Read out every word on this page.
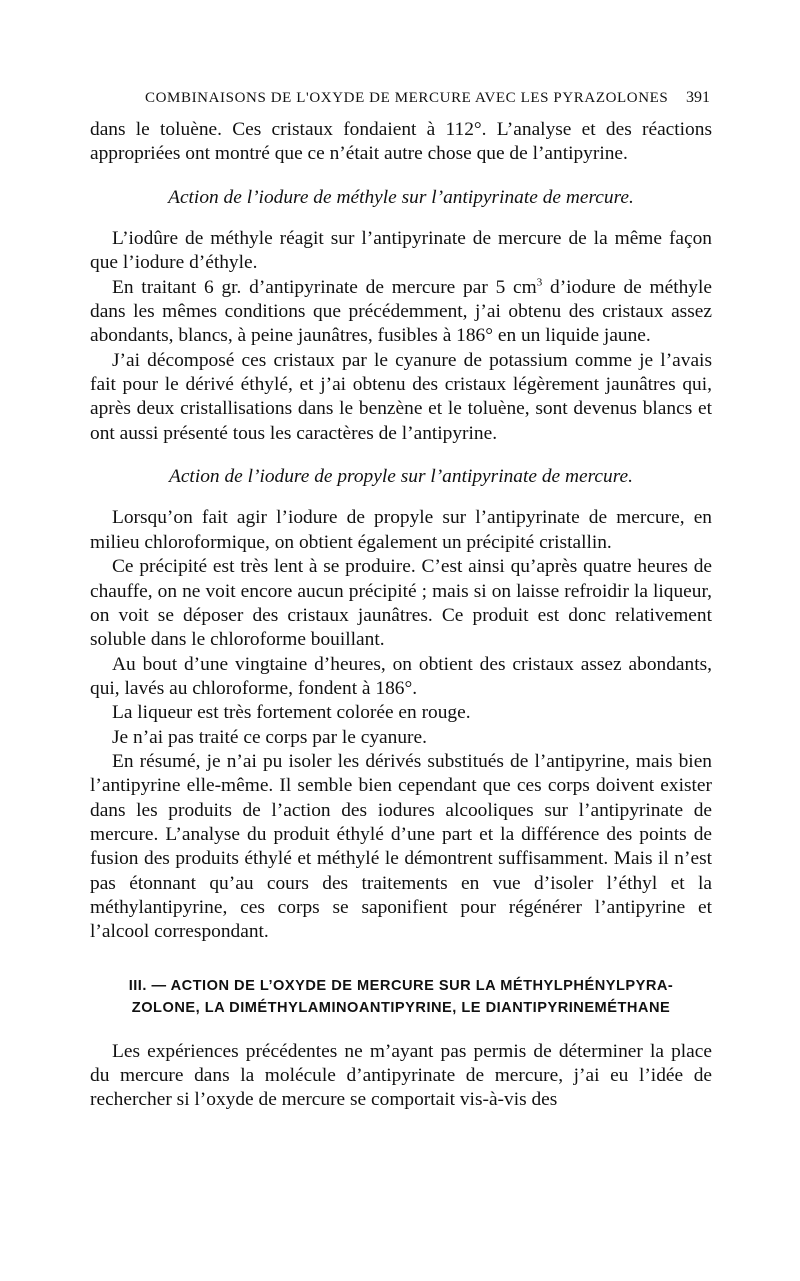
COMBINAISONS DE L'OXYDE DE MERCURE AVEC LES PYRAZOLONES 391

dans le toluène. Ces cristaux fondaient à 112°. L’analyse et des réactions appropriées ont montré que ce n’était autre chose que de l’antipyrine.

Action de l’iodure de méthyle sur l’antipyrinate de mercure.

L’iodûre de méthyle réagit sur l’antipyrinate de mercure de la même façon que l’iodure d’éthyle.

En traitant 6 gr. d’antipyrinate de mercure par 5 $cm^3$ d’iodure de méthyle dans les mêmes conditions que précédemment, j’ai obtenu des cristaux assez abondants, blancs, à peine jaunâtres, fusibles à 186° en un liquide jaune.

J’ai décomposé ces cristaux par le cyanure de potassium comme je l’avais fait pour le dérivé éthylé, et j’ai obtenu des cristaux légèrement jaunâtres qui, après deux cristallisations dans le benzène et le toluène, sont devenus blancs et ont aussi présenté tous les caractères de l’antipyrine.

Action de l’iodure de propyle sur l’antipyrinate de mercure.

Lorsqu’on fait agir l’iodure de propyle sur l’antipyrinate de mercure, en milieu chloroformique, on obtient également un précipité cristallin.

Ce précipité est très lent à se produire. C’est ainsi qu’après quatre heures de chauffe, on ne voit encore aucun précipité ; mais si on laisse refroidir la liqueur, on voit se déposer des cristaux jaunâtres. Ce produit est donc relativement soluble dans le chloroforme bouillant.

Au bout d’une vingtaine d’heures, on obtient des cristaux assez abondants, qui, lavés au chloroforme, fondent à 186°.

La liqueur est très fortement colorée en rouge.

Je n’ai pas traité ce corps par le cyanure.

En résumé, je n’ai pu isoler les dérivés substitués de l’antipyrine, mais bien l’antipyrine elle-même. Il semble bien cependant que ces corps doivent exister dans les produits de l’action des iodures alcooliques sur l’antipyrinate de mercure. L’analyse du produit éthylé d’une part et la différence des points de fusion des produits éthylé et méthylé le démontrent suffisamment. Mais il n’est pas étonnant qu’au cours des traitements en vue d’isoler l’éthyl et la méthylantipyrine, ces corps se saponifient pour régénérer l’antipyrine et l’alcool correspondant.

III. — ACTION DE L’OXYDE DE MERCURE SUR LA MÉTHYLPHÉNYLPYRA-
ZOLONE, LA DIMÉTHYLAMINOANTIPYRINE, LE DIANTIPYRINEMÉTHANE

Les expériences précédentes ne m’ayant pas permis de déterminer la place du mercure dans la molécule d’antipyrinate de mercure, j’ai eu l’idée de rechercher si l’oxyde de mercure se comportait vis-à-vis des
